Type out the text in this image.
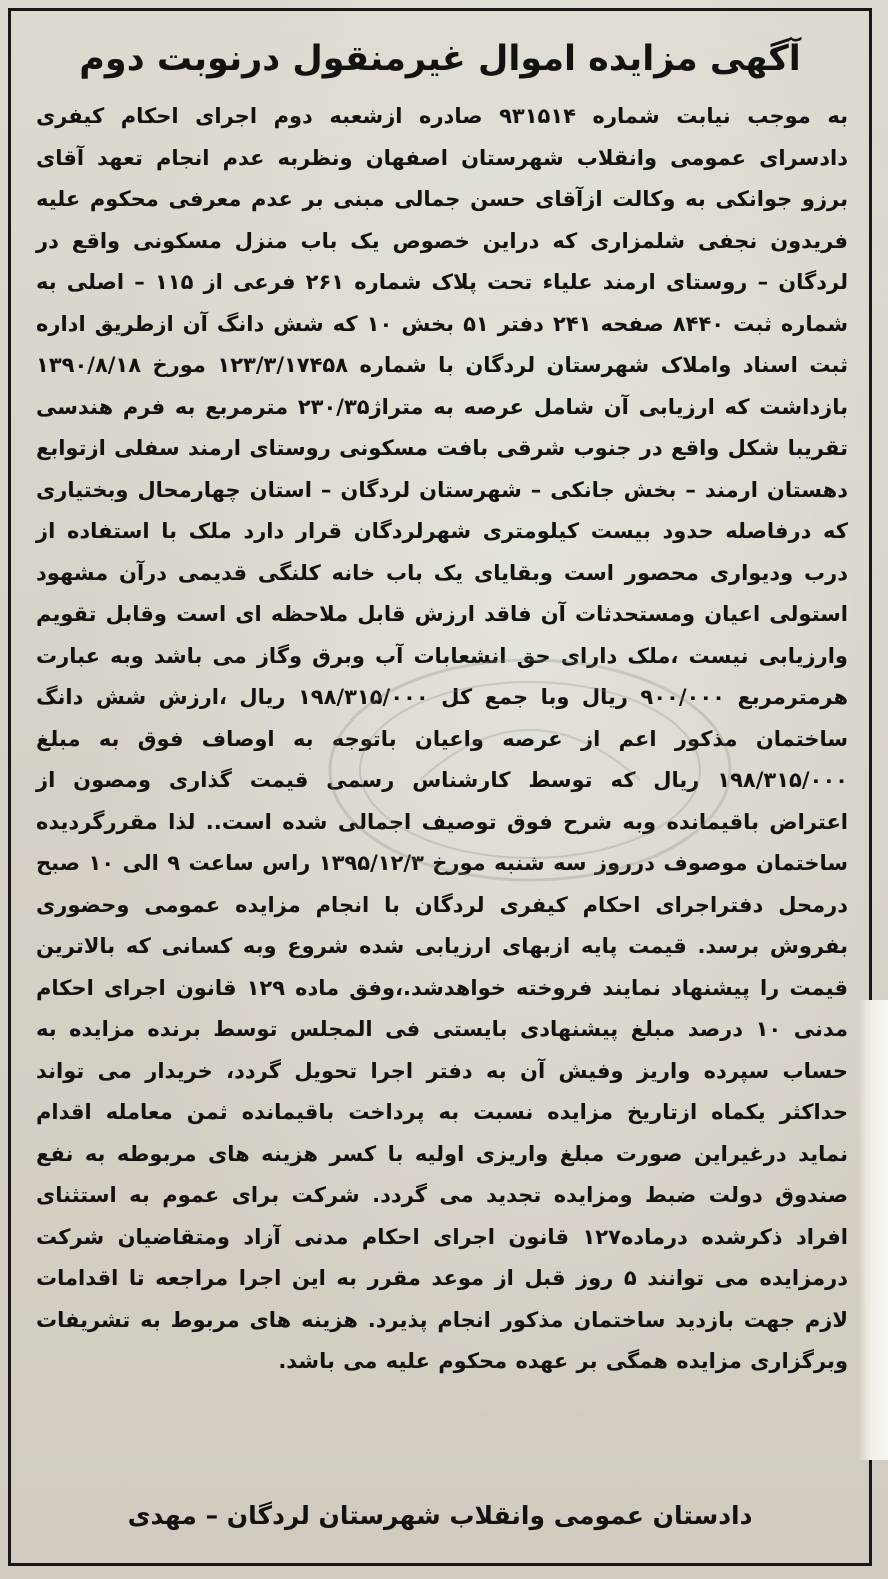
آگهی مزایده اموال غیرمنقول درنوبت دوم

به موجب نیابت شماره ۹۳۱۵۱۴ صادره ازشعبه دوم اجرای احکام کیفری دادسرای عمومی وانقلاب شهرستان اصفهان ونظربه عدم انجام تعهد آقای برزو جوانکی به وکالت ازآقای حسن جمالی مبنی بر عدم معرفی محکوم علیه فریدون نجفی شلمزاری که دراین خصوص یک باب منزل مسکونی واقع در لردگان – روستای ارمند علیاء تحت پلاک شماره ۲۶۱ فرعی از ۱۱۵ – اصلی به شماره ثبت ۸۴۴۰ صفحه ۲۴۱ دفتر ۵۱ بخش ۱۰ که شش دانگ آن ازطریق اداره ثبت اسناد واملاک شهرستان لردگان با شماره ۱۲۳/۳/۱۷۴۵۸ مورخ ۱۳۹۰/۸/۱۸ بازداشت که ارزیابی آن شامل عرصه به متراژ۲۳۰/۳۵ مترمربع به فرم هندسی تقریبا شکل واقع در جنوب شرقی بافت مسکونی روستای ارمند سفلی ازتوابع دهستان ارمند – بخش جانکی – شهرستان لردگان – استان چهارمحال وبختیاری که درفاصله حدود بیست کیلومتری شهرلردگان قرار دارد ملک با استفاده از درب ودیواری محصور است وبقایای یک باب خانه کلنگی قدیمی درآن مشهود استولی اعیان ومستحدثات آن فاقد ارزش قابل ملاحظه ای است وقابل تقویم وارزیابی نیست ،ملک دارای حق انشعابات آب وبرق وگاز می باشد وبه عبارت هرمترمربع ۹۰۰/۰۰۰ ریال وبا جمع کل ۱۹۸/۳۱۵/۰۰۰ ریال ،ارزش شش دانگ ساختمان مذکور اعم از عرصه واعیان باتوجه به اوصاف فوق به مبلغ ۱۹۸/۳۱۵/۰۰۰ ریال که توسط کارشناس رسمی قیمت گذاری ومصون از اعتراض باقیمانده وبه شرح فوق توصیف اجمالی شده است.. لذا مقررگردیده ساختمان موصوف درروز سه شنبه مورخ ۱۳۹۵/۱۲/۳ راس ساعت ۹ الی ۱۰ صبح درمحل دفتراجرای احکام کیفری لردگان با انجام مزایده عمومی وحضوری بفروش برسد. قیمت پایه ازبهای ارزیابی شده شروع وبه کسانی که بالاترین قیمت را پیشنهاد نمایند فروخته خواهدشد.،وفق ماده ۱۲۹ قانون اجرای احکام مدنی ۱۰ درصد مبلغ پیشنهادی بایستی فی المجلس توسط برنده مزایده به حساب سپرده واریز وفیش آن به دفتر اجرا تحویل گردد، خریدار می تواند حداکثر یکماه ازتاریخ مزایده نسبت به پرداخت باقیمانده ثمن معامله اقدام نماید درغیراین صورت مبلغ واریزی اولیه با کسر هزینه های مربوطه به نفع صندوق دولت ضبط ومزایده تجدید می گردد. شرکت برای عموم به استثنای افراد ذکرشده درماده۱۲۷ قانون اجرای احکام مدنی آزاد ومتقاضیان شرکت درمزایده می توانند ۵ روز قبل از موعد مقرر به این اجرا مراجعه تا اقدامات لازم جهت بازدید ساختمان مذکور انجام پذیرد. هزینه های مربوط به تشریفات وبرگزاری مزایده همگی بر عهده محکوم علیه می باشد.

دادستان عمومی وانقلاب شهرستان لردگان – مهدی
